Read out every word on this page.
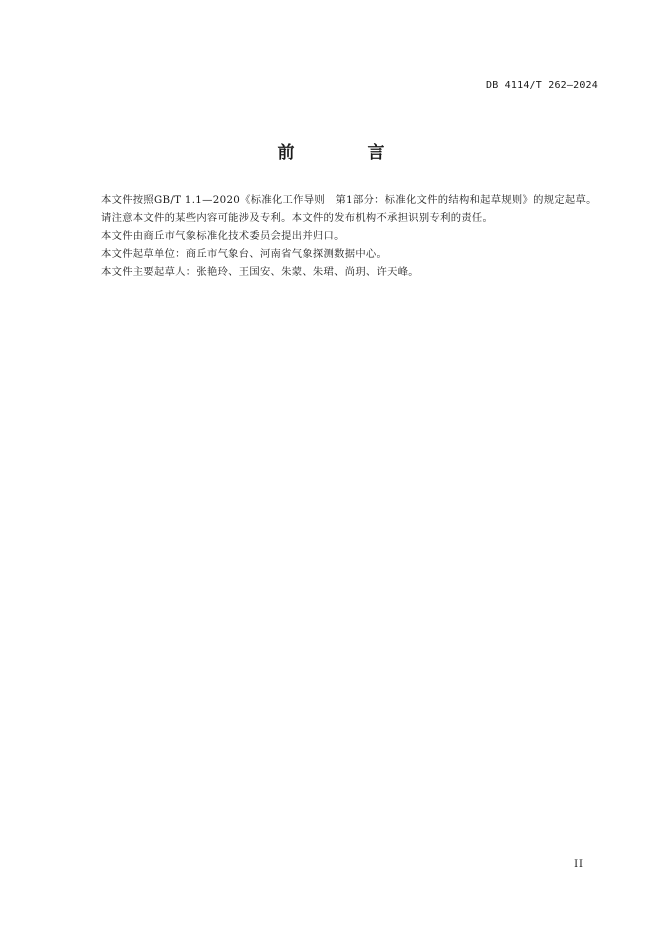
DB 4114/T 262—2024
前　言

本文件按照GB/T 1.1—2020《标准化工作导则　第1部分：标准化文件的结构和起草规则》的规定起草。

请注意本文件的某些内容可能涉及专利。本文件的发布机构不承担识别专利的责任。

本文件由商丘市气象标准化技术委员会提出并归口。

本文件起草单位：商丘市气象台、河南省气象探测数据中心。

本文件主要起草人：张艳玲、王国安、朱蒙、朱珺、尚玥、许天峰。

II
